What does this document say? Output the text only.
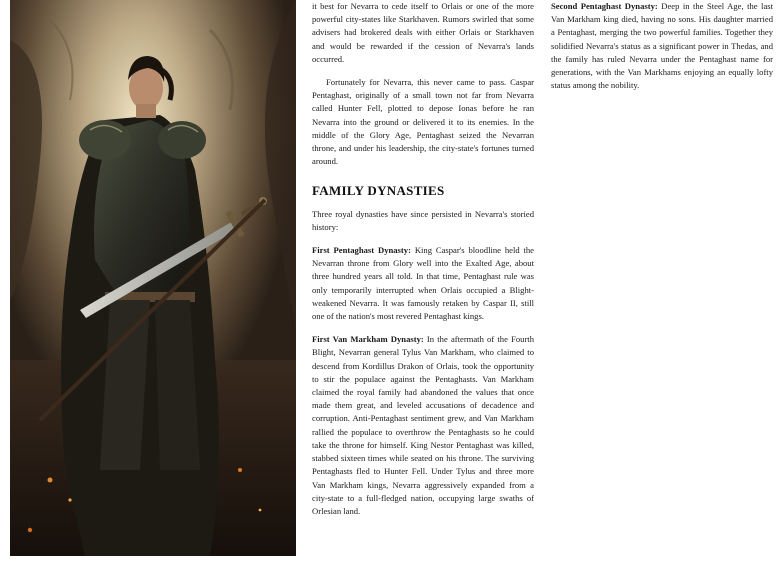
it best for Nevarra to cede itself to Orlais or one of the more powerful city-states like Starkhaven. Rumors swirled that some advisers had brokered deals with either Orlais or Starkhaven and would be rewarded if the cession of Nevarra's lands occurred.

Fortunately for Nevarra, this never came to pass. Caspar Pentaghast, originally of a small town not far from Nevarra called Hunter Fell, plotted to depose Ionas before he ran Nevarra into the ground or delivered it to its enemies. In the middle of the Glory Age, Pentaghast seized the Nevarran throne, and under his leadership, the city-state's fortunes turned around.

FAMILY DYNASTIES

Three royal dynasties have since persisted in Nevarra's storied history:

First Pentaghast Dynasty: King Caspar's bloodline held the Nevarran throne from Glory well into the Exalted Age, about three hundred years all told. In that time, Pentaghast rule was only temporarily interrupted when Orlais occupied a Blight-weakened Nevarra. It was famously retaken by Caspar II, still one of the nation's most revered Pentaghast kings.

First Van Markham Dynasty: In the aftermath of the Fourth Blight, Nevarran general Tylus Van Markham, who claimed to descend from Kordillus Drakon of Orlais, took the opportunity to stir the populace against the Pentaghasts. Van Markham claimed the royal family had abandoned the values that once made them great, and leveled accusations of decadence and corruption. Anti-Pentaghast sentiment grew, and Van Markham rallied the populace to overthrow the Pentaghasts so he could take the throne for himself. King Nestor Pentaghast was killed, stabbed sixteen times while seated on his throne. The surviving Pentaghasts fled to Hunter Fell. Under Tylus and three more Van Markham kings, Nevarra aggressively expanded from a city-state to a full-fledged nation, occupying large swaths of Orlesian land.

Second Pentaghast Dynasty: Deep in the Steel Age, the last Van Markham king died, having no sons. His daughter married a Pentaghast, merging the two powerful families. Together they solidified Nevarra's status as a significant power in Thedas, and the family has ruled Nevarra under the Pentaghast name for generations, with the Van Markhams enjoying an equally lofty status among the nobility.
